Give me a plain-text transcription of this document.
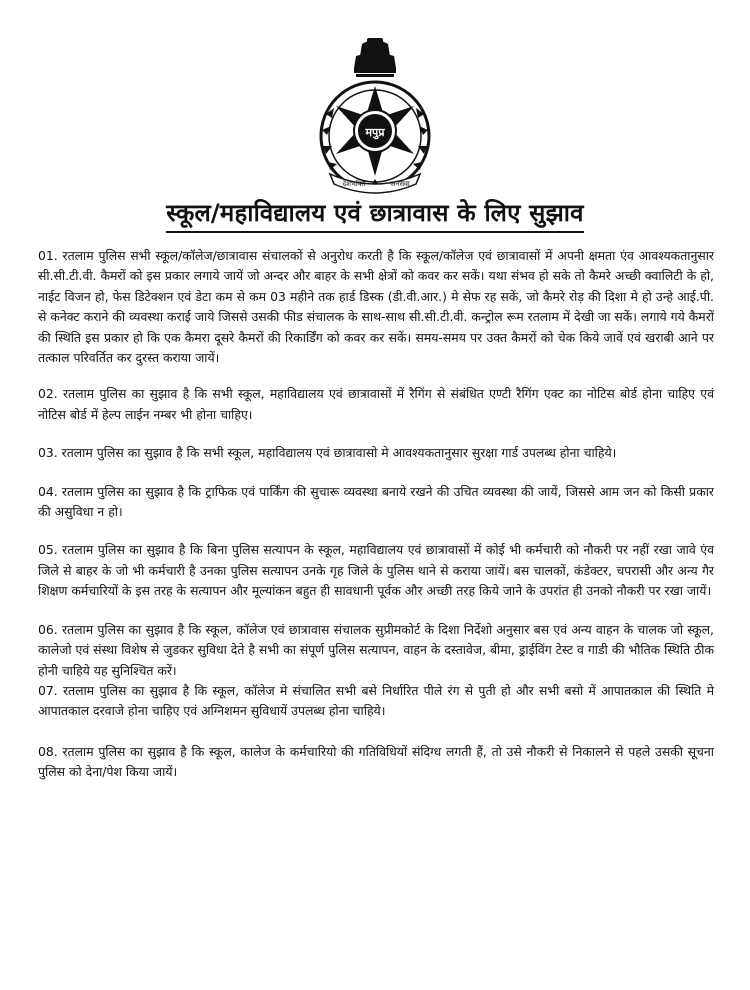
मपुप्र
देशभक्ति	जनसेवा
स्कूल/महाविद्यालय एवं छात्रावास के लिए सुझाव

01. रतलाम पुलिस सभी स्कूल/कॉलेज/छात्रावास संचालकों से अनुरोध करती है कि स्कूल/कॉलेज एवं छात्रावासों में अपनी क्षमता एंव आवश्यकतानुसार सी.सी.टी.वी. कैमरों को इस प्रकार लगाये जायें जो अन्दर और बाहर के सभी क्षेत्रों को कवर कर सकें। यथा संभव हो सके तो कैमरे अच्छी क्वालिटी के हो, नाईट विजन हो, फेस डिटेक्शन एवं डेटा कम से कम 03 महीने तक हार्ड डिस्क (डी.वी.आर.) मे सेफ रह सकें, जो कैमरे रोड़ की दिशा मे हो उन्हे आई.पी. से कनेक्ट कराने की व्यवस्था कराई जाये जिससे उसकी फीड संचालक के साथ-साथ सी.सी.टी.वी. कन्ट्रोल रूम रतलाम में देखी जा सकें। लगाये गये कैमरों की स्थिति इस प्रकार हो कि एक कैमरा दूसरे कैमरों की रिकार्डिंग को कवर कर सकें। समय-समय पर उक्त कैमरों को चेक किये जावें एवं खराबी आने पर तत्काल परिवर्तित कर दुरस्त कराया जायें।

02. रतलाम पुलिस का सुझाव है कि सभी स्कूल, महाविद्यालय एवं छात्रावासों में रैगिंग से संबंधित एण्टी रैगिंग एक्ट का नोटिस बोर्ड होना चाहिए एवं नोटिस बोर्ड में हेल्प लाईन नम्बर भी होना चाहिए।

03. रतलाम पुलिस का सुझाव है कि सभी स्कूल, महाविद्यालय एवं छात्रावासो मे आवश्यकतानुसार सुरक्षा गार्ड उपलब्ध होना चाहिये।

04. रतलाम पुलिस का सुझाव है कि ट्राफिक एवं पार्किंग की सुचारू व्यवस्था बनाये रखने की उचित व्यवस्था की जायें, जिससे आम जन को किसी प्रकार की असुविधा न हो।

05. रतलाम पुलिस का सुझाव है कि बिना पुलिस सत्यापन के स्कूल, महाविद्यालय एवं छात्रावासों में कोई भी कर्मचारी को नौकरी पर नहीं रखा जावे एंव जिले से बाहर के जो भी कर्मचारी है उनका पुलिस सत्यापन उनके गृह जिले के पुलिस थाने से कराया जायें। बस चालकों, कंडेक्टर, चपरासी और अन्य गैर शिक्षण कर्मचारियों के इस तरह के सत्यापन और मूल्यांकन बहुत ही सावधानी पूर्वक और अच्छी तरह किये जाने के उपरांत ही उनको नौकरी पर रखा जायें।

06. रतलाम पुलिस का सुझाव है कि स्कूल, कॉलेज एवं छात्रावास संचालक सुप्रीमकोर्ट के दिशा निर्देशो अनुसार बस एवं अन्य वाहन के चालक जो स्कूल, कालेजो एवं संस्था विशेष से जुडकर सुविधा देते है सभी का संपूर्ण पुलिस सत्यापन, वाहन के दस्तावेज, बीमा, ड्राईविंग टेस्ट व गाडी की भौतिक स्थिति ठीक होनी चाहिये यह सुनिश्चित करें।

07. रतलाम पुलिस का सुझाव है कि स्कूल, कॉलेज मे संचालित सभी बसे निर्धारित पीले रंग से पुती हो और सभी बसो में आपातकाल की स्थिति मे आपातकाल दरवाजे होना चाहिए एवं अग्निशमन सुविधायें उपलब्ध होना चाहिये।

08. रतलाम पुलिस का सुझाव है कि स्कूल, कालेज के कर्मचारियो की गतिविधियों संदिग्ध लगती हैं, तो उसे नौकरी से निकालने से पहले उसकी सूचना पुलिस को देना/पेश किया जायें।
